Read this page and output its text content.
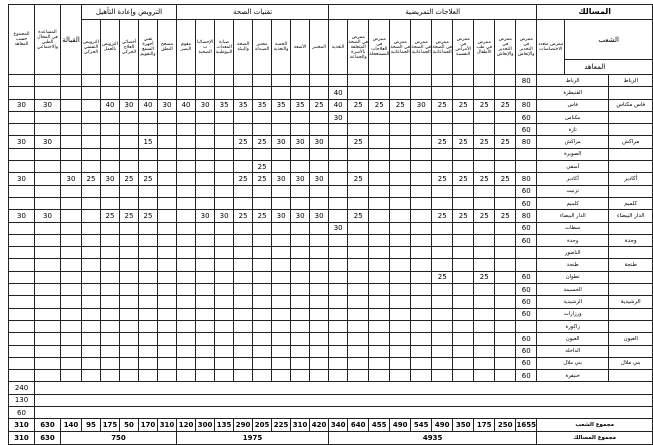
المسالك			العلاجات التمريضية										تقنيات الصحة								الترويض وإعادة التأهيل					القبالة	المساعدة في المجال الطبي والاجتماعي	المجموع حسب المعاهد	
الشعب		ممرض متعدد الاختصاصات	ممرض في التخدير والإنعاش	ممرض في التخدير والإنعاش	ممرض في طب الأطفال	ممرض في الأمراض النفسية	ممرض في الصحة الجماعاتية	ممرض في الصحة الجماعاتية	ممرض في الصحة الجماعاتية	ممرض في العلاجات المستعجلة	ممرض في الصحة المتعلقة بالأسرة والجماعة	التغذية	المختبر	الأشعة	الحمية والتغذية	مختبر الصيدلة	الصحة والبيئة	صيانة المعدات البيوطبية	الإحصائيات الصحية	مقوم البصر	مصحح النطق	تقني أجهزة السمع والتقويم	أخصائي العلاج الحركي	الترويض بالعمل	الترويض النفسي الحركي				
المعاهد																													
الرباط	الرباط		80																										
	القنيطرة											40																	
فاس مكناس	فاس		80	25	25	25	25	30	25	25	25	40	25	35	35	35	35	35	30	40	30	40	30	40			30	30	
	مكناس		60									30																	
	تازة		60																										
مراكش	مراكش		80	25	25	25	25				25		30	30	30	25	25					15					30	30	
	الصويرة																											
	آسفي															25													
أكادير	أكادير		80	25	25	25	25				25		30	30	30	25	25					25	25	30	25	30		30	
	تزنيت		60																										
كلميم	كلميم		60																										
الدار البيضاء	الدار البيضاء		80	25	25	25	25				25		30	30	30	25	25	30	30			25	25	25			30	30	
	سطات		60									30																	
وجدة	وجدة		60																										
	الناضور																											
طنجة	طنجة																											
	تطوان		60		25		25																						
	الحسيمة		60																										
الرشيدية	الرشيدية		60																										
	ورزازات		60																										
	زاكورة																											
العيون	العيون		60																										
	الداخلة		60																										
بني ملال	بني ملال		60																										
	خنيفرة		60																										
																												240	
																												130	
																												60	
مجموع الشعب			1655	250	175	350	490	545	490	455	640	340	420	310	225	205	290	135	300	120	310	170	50	175	95	140	630	310	
مجموع المسالك			4935										1975								750						630	310	
